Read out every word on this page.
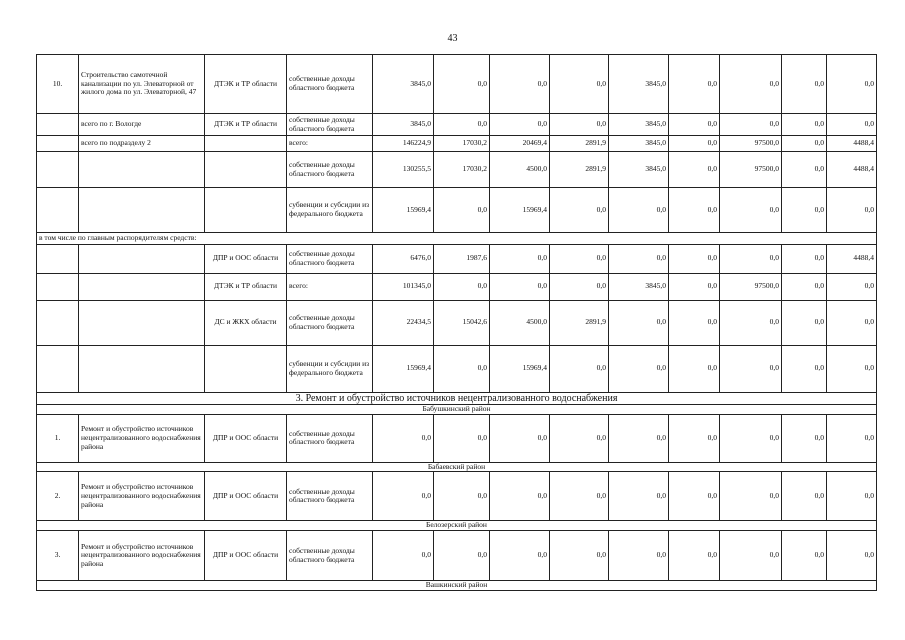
43
10.	Строительство самотечной канализации по ул. Элеваторной от жилого дома по ул. Элеваторной, 47	ДТЭК и ТР области	собственные доходы областного бюджета	3845,0	0,0	0,0	0,0	3845,0	0,0	0,0	0,0	0,0
	всего по г. Вологде	ДТЭК и ТР области	собственные доходы областного бюджета	3845,0	0,0	0,0	0,0	3845,0	0,0	0,0	0,0	0,0
	всего по подразделу 2		всего:	146224,9	17030,2	20469,4	2891,9	3845,0	0,0	97500,0	0,0	4488,4
			собственные доходы областного бюджета	130255,5	17030,2	4500,0	2891,9	3845,0	0,0	97500,0	0,0	4488,4
			субвенции и субсидии из федерального бюджета	15969,4	0,0	15969,4	0,0	0,0	0,0	0,0	0,0	0,0
в том числе по главным распорядителям средств:												
		ДПР и ООС области	собственные доходы областного бюджета	6476,0	1987,6	0,0	0,0	0,0	0,0	0,0	0,0	4488,4
		ДТЭК и ТР области	всего:	101345,0	0,0	0,0	0,0	3845,0	0,0	97500,0	0,0	0,0
		ДС и ЖКХ области	собственные доходы областного бюджета	22434,5	15042,6	4500,0	2891,9	0,0	0,0	0,0	0,0	0,0
			субвенции и субсидии из федерального бюджета	15969,4	0,0	15969,4	0,0	0,0	0,0	0,0	0,0	0,0
3. Ремонт и обустройство источников нецентрализованного водоснабжения												
Бабушкинский район												
1.	Ремонт и обустройство источников нецентрализованного водоснабжения района	ДПР и ООС области	собственные доходы областного бюджета	0,0	0,0	0,0	0,0	0,0	0,0	0,0	0,0	0,0
Бабаевский район												
2.	Ремонт и обустройство источников нецентрализованного водоснабжения района	ДПР и ООС области	собственные доходы областного бюджета	0,0	0,0	0,0	0,0	0,0	0,0	0,0	0,0	0,0
Белозерский район												
3.	Ремонт и обустройство источников нецентрализованного водоснабжения района	ДПР и ООС области	собственные доходы областного бюджета	0,0	0,0	0,0	0,0	0,0	0,0	0,0	0,0	0,0
Вашкинский район												
